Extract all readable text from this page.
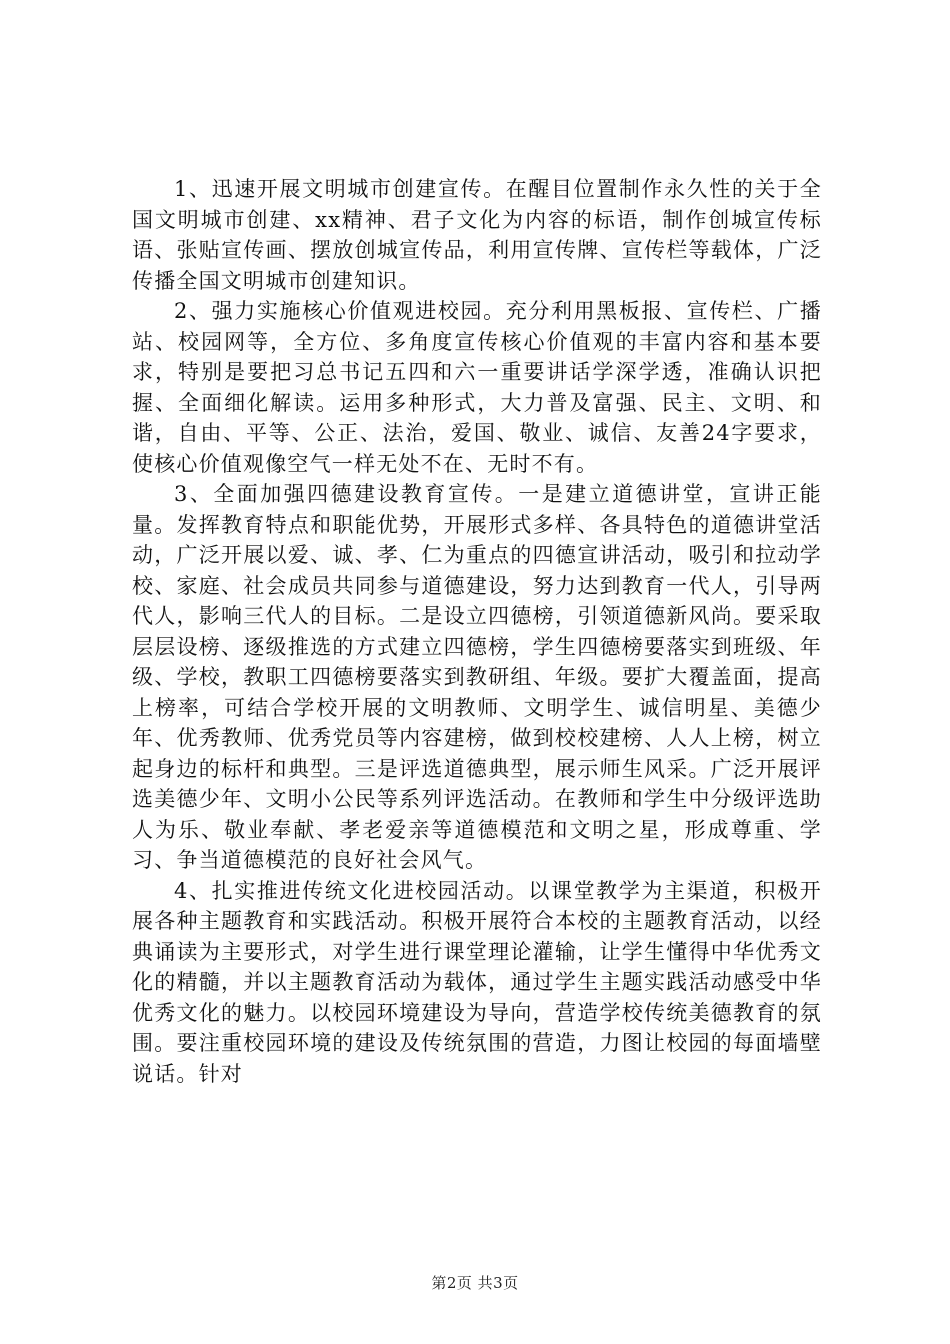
1、迅速开展文明城市创建宣传。在醒目位置制作永久性的关于全国文明城市创建、xx精神、君子文化为内容的标语，制作创城宣传标语、张贴宣传画、摆放创城宣传品，利用宣传牌、宣传栏等载体，广泛传播全国文明城市创建知识。

2、强力实施核心价值观进校园。充分利用黑板报、宣传栏、广播站、校园网等，全方位、多角度宣传核心价值观的丰富内容和基本要求，特别是要把习总书记五四和六一重要讲话学深学透，准确认识把握、全面细化解读。运用多种形式，大力普及富强、民主、文明、和谐，自由、平等、公正、法治，爱国、敬业、诚信、友善24字要求，使核心价值观像空气一样无处不在、无时不有。

3、全面加强四德建设教育宣传。一是建立道德讲堂，宣讲正能量。发挥教育特点和职能优势，开展形式多样、各具特色的道德讲堂活动，广泛开展以爱、诚、孝、仁为重点的四德宣讲活动，吸引和拉动学校、家庭、社会成员共同参与道德建设，努力达到教育一代人，引导两代人，影响三代人的目标。二是设立四德榜，引领道德新风尚。要采取层层设榜、逐级推选的方式建立四德榜，学生四德榜要落实到班级、年级、学校，教职工四德榜要落实到教研组、年级。要扩大覆盖面，提高上榜率，可结合学校开展的文明教师、文明学生、诚信明星、美德少年、优秀教师、优秀党员等内容建榜，做到校校建榜、人人上榜，树立起身边的标杆和典型。三是评选道德典型，展示师生风采。广泛开展评选美德少年、文明小公民等系列评选活动。在教师和学生中分级评选助人为乐、敬业奉献、孝老爱亲等道德模范和文明之星，形成尊重、学习、争当道德模范的良好社会风气。

4、扎实推进传统文化进校园活动。以课堂教学为主渠道，积极开展各种主题教育和实践活动。积极开展符合本校的主题教育活动，以经典诵读为主要形式，对学生进行课堂理论灌输，让学生懂得中华优秀文化的精髓，并以主题教育活动为载体，通过学生主题实践活动感受中华优秀文化的魅力。以校园环境建设为导向，营造学校传统美德教育的氛围。要注重校园环境的建设及传统氛围的营造，力图让校园的每面墙壁说话。针对

第2页 共3页
